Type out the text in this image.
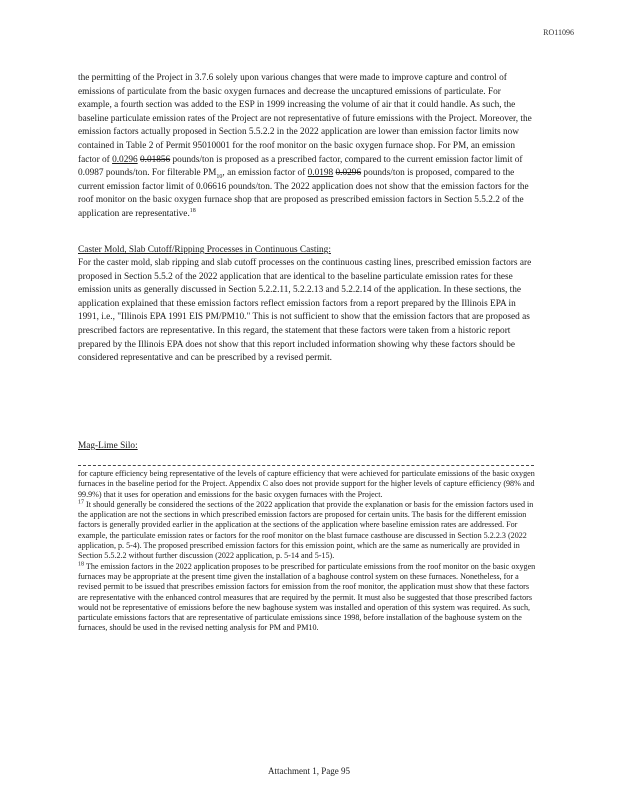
RO11096
the permitting of the Project in 3.7.6 solely upon various changes that were made to improve capture and control of emissions of particulate from the basic oxygen furnaces and decrease the uncaptured emissions of particulate. For example, a fourth section was added to the ESP in 1999 increasing the volume of air that it could handle. As such, the baseline particulate emission rates of the Project are not representative of future emissions with the Project. Moreover, the emission factors actually proposed in Section 5.5.2.2 in the 2022 application are lower than emission factor limits now contained in Table 2 of Permit 95010001 for the roof monitor on the basic oxygen furnace shop. For PM, an emission factor of 0.0296 0.01856 pounds/ton is proposed as a prescribed factor, compared to the current emission factor limit of 0.0987 pounds/ton. For filterable $PM_{10}$, an emission factor of 0.0198 0.0296 pounds/ton is proposed, compared to the current emission factor limit of 0.06616 pounds/ton. The 2022 application does not show that the emission factors for the roof monitor on the basic oxygen furnace shop that are proposed as prescribed emission factors in Section 5.5.2.2 of the application are representative.$^{18}$
Caster Mold, Slab Cutoff/Ripping Processes in Continuous Casting:
For the caster mold, slab ripping and slab cutoff processes on the continuous casting lines, prescribed emission factors are proposed in Section 5.5.2 of the 2022 application that are identical to the baseline particulate emission rates for these emission units as generally discussed in Section 5.2.2.11, 5.2.2.13 and 5.2.2.14 of the application. In these sections, the application explained that these emission factors reflect emission factors from a report prepared by the Illinois EPA in 1991, i.e., "Illinois EPA 1991 EIS PM/PM10." This is not sufficient to show that the emission factors that are proposed as prescribed factors are representative. In this regard, the statement that these factors were taken from a historic report prepared by the Illinois EPA does not show that this report included information showing why these factors should be considered representative and can be prescribed by a revised permit.
Mag-Lime Silo:

for capture efficiency being representative of the levels of capture efficiency that were achieved for particulate emissions of the basic oxygen furnaces in the baseline period for the Project. Appendix C also does not provide support for the higher levels of capture efficiency (98% and 99.9%) that it uses for operation and emissions for the basic oxygen furnaces with the Project.

$^{17}$ It should generally be considered the sections of the 2022 application that provide the explanation or basis for the emission factors used in the application are not the sections in which prescribed emission factors are proposed for certain units. The basis for the different emission factors is generally provided earlier in the application at the sections of the application where baseline emission rates are addressed. For example, the particulate emission rates or factors for the roof monitor on the blast furnace casthouse are discussed in Section 5.2.2.3 (2022 application, p. 5-4). The proposed prescribed emission factors for this emission point, which are the same as numerically are provided in Section 5.5.2.2 without further discussion (2022 application, p. 5-14 and 5-15).

$^{18}$ The emission factors in the 2022 application proposes to be prescribed for particulate emissions from the roof monitor on the basic oxygen furnaces may be appropriate at the present time given the installation of a baghouse control system on these furnaces. Nonetheless, for a revised permit to be issued that prescribes emission factors for emission from the roof monitor, the application must show that these factors are representative with the enhanced control measures that are required by the permit. It must also be suggested that those prescribed factors would not be representative of emissions before the new baghouse system was installed and operation of this system was required. As such, particulate emissions factors that are representative of particulate emissions since 1998, before installation of the baghouse system on the furnaces, should be used in the revised netting analysis for PM and PM10.

Attachment 1, Page 95
